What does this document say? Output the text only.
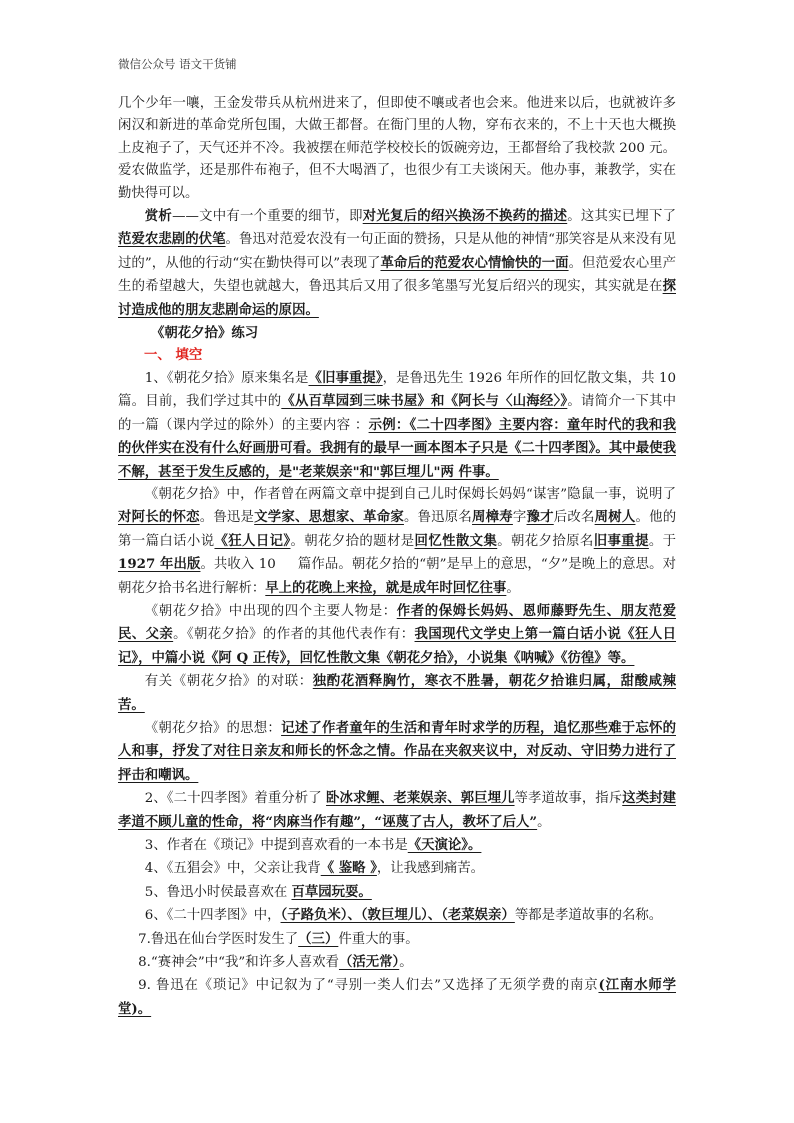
微信公众号 语文干货铺

几个少年一嚷，王金发带兵从杭州进来了，但即使不嚷或者也会来。他进来以后，也就被许多闲汉和新进的革命党所包围，大做王都督。在衙门里的人物，穿布衣来的，不上十天也大概换上皮袍子了，天气还并不冷。我被摆在师范学校校长的饭碗旁边，王都督给了我校款 200 元。爱农做监学，还是那件布袍子，但不大喝酒了，也很少有工夫谈闲天。他办事，兼教学，实在勤快得可以。

赏析——文中有一个重要的细节，即对光复后的绍兴换汤不换药的描述。这其实已埋下了范爱农悲剧的伏笔。鲁迅对范爱农没有一句正面的赞扬，只是从他的神情“那笑容是从来没有见过的”，从他的行动“实在勤快得可以”表现了革命后的范爱农心情愉快的一面。但范爱农心里产生的希望越大，失望也就越大，鲁迅其后又用了很多笔墨写光复后绍兴的现实，其实就是在探讨造成他的朋友悲剧命运的原因。

《朝花夕拾》练习

一、 填空

1、《朝花夕拾》原来集名是《旧事重提》，是鲁迅先生 1926 年所作的回忆散文集，共 10 篇。目前，我们学过其中的《从百草园到三味书屋》和《阿长与〈山海经〉》。请简介一下其中的一篇（课内学过的除外）的主要内容 ：示例：《二十四孝图》主要内容：童年时代的我和我的伙伴实在没有什么好画册可看。我拥有的最早一画本图本子只是《二十四孝图》。其中最使我不解，甚至于发生反感的，是"老莱娱亲"和"郭巨埋儿"两 件事。

《朝花夕拾》中，作者曾在两篇文章中提到自己儿时保姆长妈妈“谋害”隐鼠一事，说明了对阿长的怀恋。鲁迅是文学家、思想家、革命家。鲁迅原名周樟寿字豫才后改名周树人。他的第一篇白话小说《狂人日记》。朝花夕拾的题材是回忆性散文集。朝花夕拾原名旧事重提。于1927 年出版。共收入 10 　 篇作品。朝花夕拾的“朝”是早上的意思，“夕”是晚上的意思。对朝花夕拾书名进行解析：早上的花晚上来捡，就是成年时回忆往事。

《朝花夕拾》中出现的四个主要人物是：作者的保姆长妈妈、恩师藤野先生、朋友范爱民、父亲。《朝花夕拾》的作者的其他代表作有：我国现代文学史上第一篇白话小说《狂人日记》，中篇小说《阿 Q 正传》，回忆性散文集《朝花夕拾》，小说集《呐喊》《彷徨》等。

有关《朝花夕拾》的对联：独酌花酒释胸竹，寒衣不胜暑，朝花夕拾谁归属，甜酸咸辣苦。

《朝花夕拾》的思想：记述了作者童年的生活和青年时求学的历程，追忆那些难于忘怀的人和事，抒发了对往日亲友和师长的怀念之情。作品在夹叙夹议中，对反动、守旧势力进行了抨击和嘲讽。

2、《二十四孝图》着重分析了 卧冰求鲤、老莱娱亲、郭巨埋儿等孝道故事，指斥这类封建孝道不顾儿童的性命，将“肉麻当作有趣”，“诬蔑了古人，教坏了后人”。

3、作者在《琐记》中提到喜欢看的一本书是《天演论》。

4、《五猖会》中，父亲让我背《 鉴略 》，让我感到痛苦。

5、鲁迅小时侯最喜欢在 百草园玩耍。

6、《二十四孝图》中，（子路负米）、（敦巨埋儿）、（老菜娱亲）等都是孝道故事的名称。

7.鲁迅在仙台学医时发生了（三）件重大的事。

8.“赛神会”中“我”和许多人喜欢看（活无常）。

9. 鲁迅在《琐记》中记叙为了“寻别一类人们去”又选择了无须学费的南京(江南水师学堂)。
